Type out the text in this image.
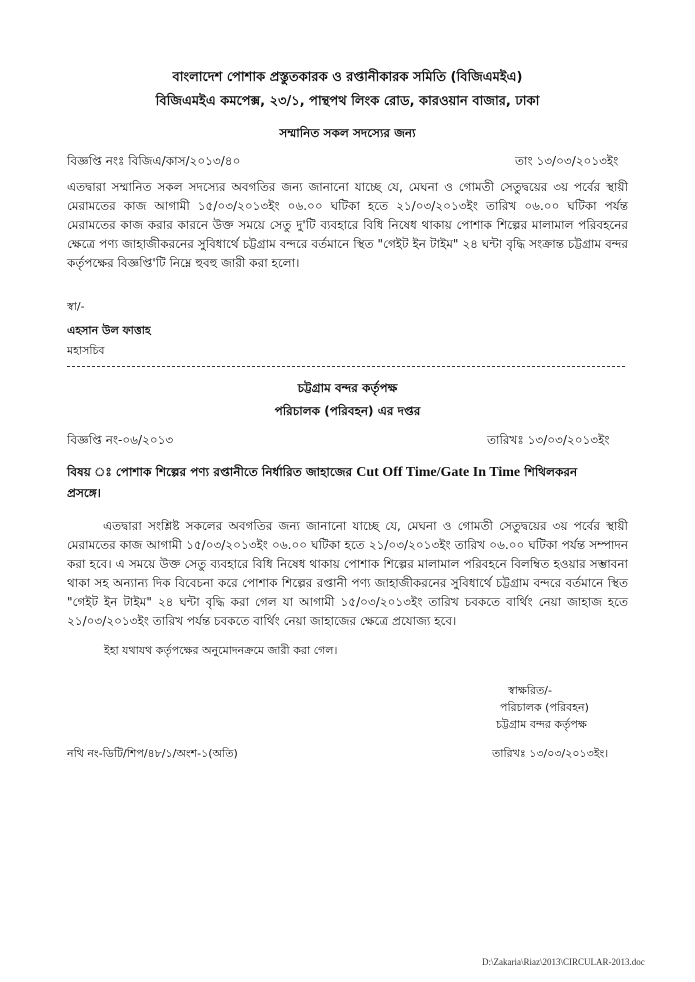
বাংলাদেশ পোশাক প্রস্তুতকারক ও রপ্তানীকারক সমিতি (বিজিএমইএ)
বিজিএমইএ কমপেক্স, ২৩/১, পান্থপথ লিংক রোড, কারওয়ান বাজার, ঢাকা
সম্মানিত সকল সদস্যের জন্য
বিজ্ঞপ্তি নংঃ বিজিএ/কাস/২০১৩/৪০	তাং ১৩/০৩/২০১৩ইং
এতদ্বারা সম্মানিত সকল সদস্যের অবগতির জন্য জানানো যাচ্ছে যে, মেঘনা ও গোমতী সেতুদ্বয়ের ৩য় পর্বের স্থায়ী মেরামতের কাজ আগামী ১৫/০৩/২০১৩ইং ০৬.০০ ঘটিকা হতে ২১/০৩/২০১৩ইং তারিখ ০৬.০০ ঘটিকা পর্যন্ত মেরামতের কাজ করার কারনে উক্ত সময়ে সেতু দু'টি ব্যবহারে বিধি নিষেধ থাকায় পোশাক শিল্পের মালামাল পরিবহনের ক্ষেত্রে পণ্য জাহাজীকরনের সুবিধার্থে চট্টগ্রাম বন্দরে বর্তমানে স্থিত "গেইট ইন টাইম" ২৪ ঘন্টা বৃদ্ধি সংক্রান্ত চট্টগ্রাম বন্দর কর্তৃপক্ষের বিজ্ঞপ্তি'টি নিম্নে হুবহু জারী করা হলো।
স্বা/-
এহসান উল ফাত্তাহ
মহাসচিব
চট্টগ্রাম বন্দর কর্তৃপক্ষ
পরিচালক (পরিবহন) এর দপ্তর
বিজ্ঞপ্তি নং-০৬/২০১৩	তারিখঃ ১৩/০৩/২০১৩ইং
বিষয় ঃ পোশাক শিল্পের পণ্য রপ্তানীতে নির্ধারিত জাহাজের Cut Off Time/Gate In Time শিথিলকরন
প্রসঙ্গে।
এতদ্বারা সংশ্লিষ্ট সকলের অবগতির জন্য জানানো যাচ্ছে যে, মেঘনা ও গোমতী সেতুদ্বয়ের ৩য় পর্বের স্থায়ী মেরামতের কাজ আগামী ১৫/০৩/২০১৩ইং ০৬.০০ ঘটিকা হতে ২১/০৩/২০১৩ইং তারিখ ০৬.০০ ঘটিকা পর্যন্ত সম্পাদন করা হবে। এ সময়ে উক্ত সেতু ব্যবহারে বিধি নিষেধ থাকায় পোশাক শিল্পের মালামাল পরিবহনে বিলম্বিত হওয়ার সম্ভাবনা থাকা সহ অন্যান্য দিক বিবেচনা করে পোশাক শিল্পের রপ্তানী পণ্য জাহাজীকরনের সুবিধার্থে চট্টগ্রাম বন্দরে বর্তমানে স্থিত "গেইট ইন টাইম" ২৪ ঘন্টা বৃদ্ধি করা গেল যা আগামী ১৫/০৩/২০১৩ইং তারিখ চবকতে বার্থিং নেয়া জাহাজ হতে ২১/০৩/২০১৩ইং তারিখ পর্যন্ত চবকতে বার্থিং নেয়া জাহাজের ক্ষেত্রে প্রযোজ্য হবে।
ইহা যথাযথ কর্তৃপক্ষের অনুমোদনক্রমে জারী করা গেল।
স্বাক্ষরিত/-
পরিচালক (পরিবহন)
চট্টগ্রাম বন্দর কর্তৃপক্ষ
নথি নং-ডিটি/শিপ/৪৮/১/অংশ-১(অতি)	তারিখঃ ১৩/০৩/২০১৩ইং।
D:\Zakaria\Riaz\2013\CIRCULAR-2013.doc
